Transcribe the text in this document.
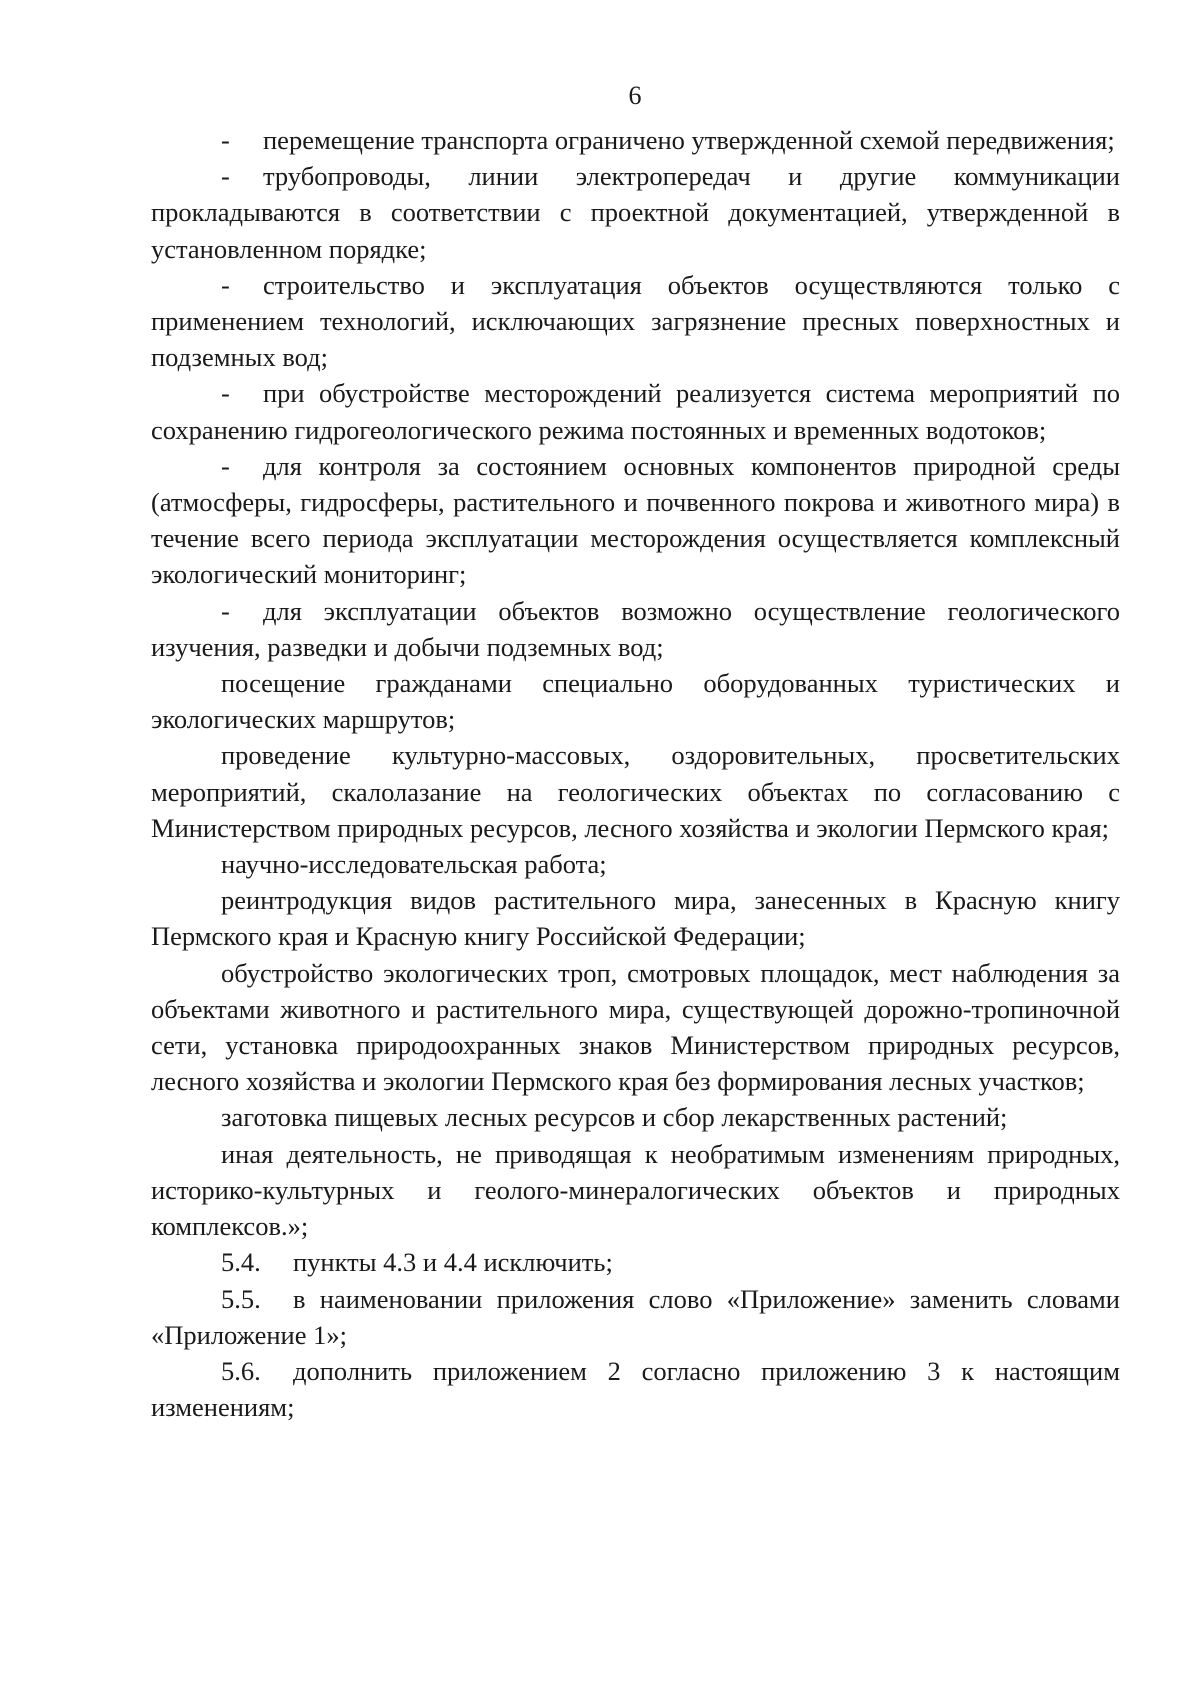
6

- перемещение транспорта ограничено утвержденной схемой передвижения;

- трубопроводы, линии электропередач и другие коммуникации прокладываются в соответствии с проектной документацией, утвержденной в установленном порядке;

- строительство и эксплуатация объектов осуществляются только с применением технологий, исключающих загрязнение пресных поверхностных и подземных вод;

- при обустройстве месторождений реализуется система мероприятий по сохранению гидрогеологического режима постоянных и временных водотоков;

- для контроля за состоянием основных компонентов природной среды (атмосферы, гидросферы, растительного и почвенного покрова и животного мира) в течение всего периода эксплуатации месторождения осуществляется комплексный экологический мониторинг;

- для эксплуатации объектов возможно осуществление геологического изучения, разведки и добычи подземных вод;

посещение гражданами специально оборудованных туристических и экологических маршрутов;

проведение культурно-массовых, оздоровительных, просветительских мероприятий, скалолазание на геологических объектах по согласованию с Министерством природных ресурсов, лесного хозяйства и экологии Пермского края;

научно-исследовательская работа;

реинтродукция видов растительного мира, занесенных в Красную книгу Пермского края и Красную книгу Российской Федерации;

обустройство экологических троп, смотровых площадок, мест наблюдения за объектами животного и растительного мира, существующей дорожно-тропиночной сети, установка природоохранных знаков Министерством природных ресурсов, лесного хозяйства и экологии Пермского края без формирования лесных участков;

заготовка пищевых лесных ресурсов и сбор лекарственных растений;

иная деятельность, не приводящая к необратимым изменениям природных, историко-культурных и геолого-минералогических объектов и природных комплексов.»;

5.4. пункты 4.3 и 4.4 исключить;

5.5. в наименовании приложения слово «Приложение» заменить словами «Приложение 1»;

5.6. дополнить приложением 2 согласно приложению 3 к настоящим изменениям;
